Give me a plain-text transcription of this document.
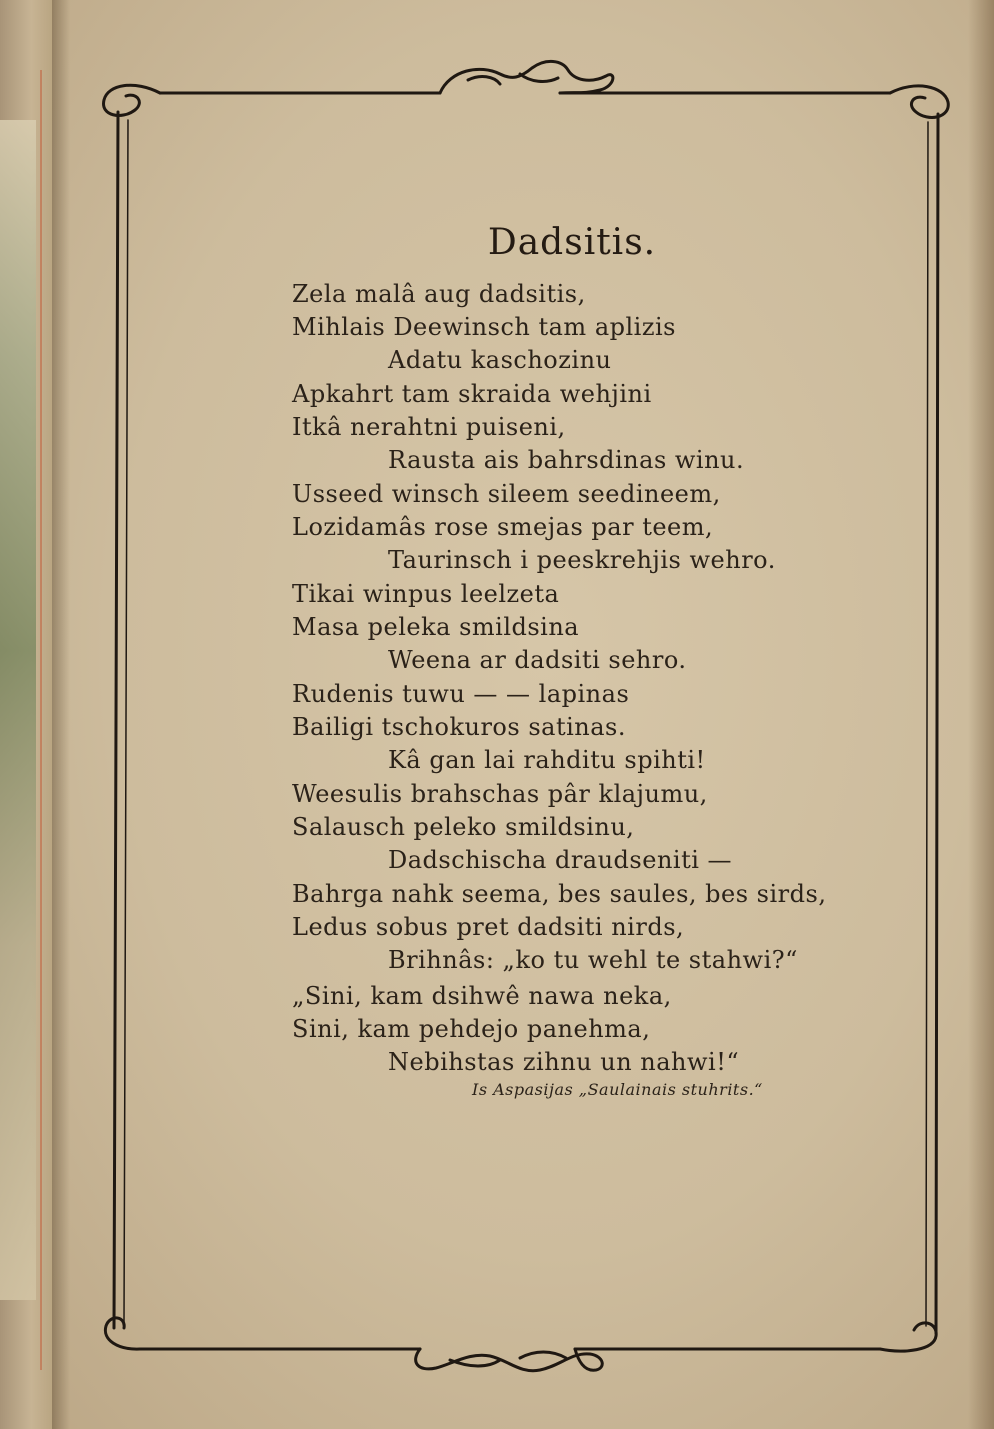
Dadsitis.
Zela malâ aug dadsitis,
Mihlais Deewinsch tam aplizis
Adatu kaschozinu
Apkahrt tam skraida wehjini
Itkâ nerahtni puiseni,
Rausta ais bahrsdinas winu.
Usseed winsch sileem seedineem,
Lozidamâs rose smejas par teem,
Taurinsch i peeskrehjis wehro.
Tikai winpus leelzeta
Masa peleka smildsina
Weena ar dadsiti sehro.
Rudenis tuwu — — lapinas
Bailigi tschokuros satinas.
Kâ gan lai rahditu spihti!
Weesulis brahschas pâr klajumu,
Salausch peleko smildsinu,
Dadschischa draudseniti —
Bahrga nahk seema, bes saules, bes sirds,
Ledus sobus pret dadsiti nirds,
Brihnâs: „ko tu wehl te stahwi?“
„Sini, kam dsihwê nawa neka,
Sini, kam pehdejo panehma,
Nebihstas zihnu un nahwi!“
Is Aspasijas „Saulainais stuhrits.“
